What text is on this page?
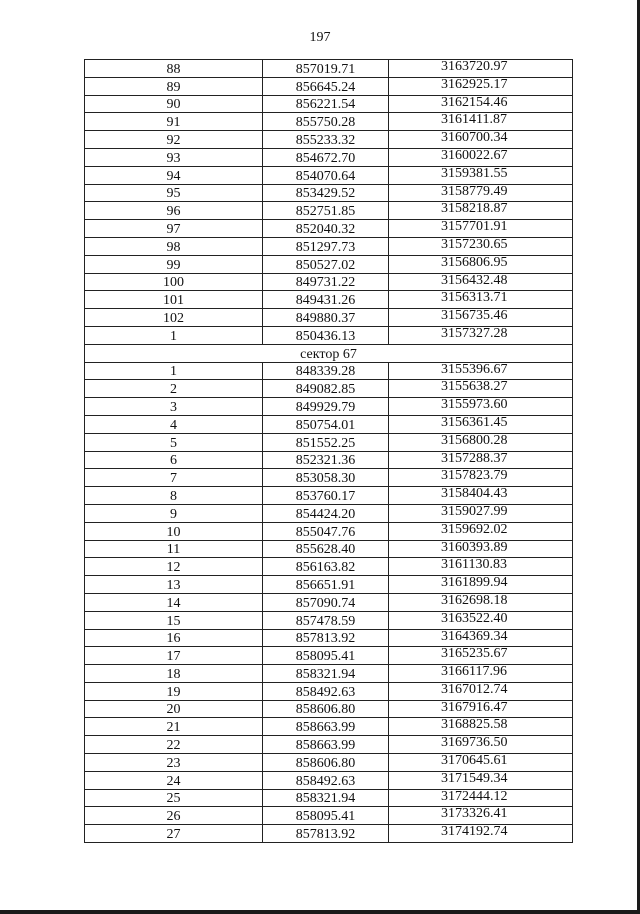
197
88	857019.71	3163720.97
89	856645.24	3162925.17
90	856221.54	3162154.46
91	855750.28	3161411.87
92	855233.32	3160700.34
93	854672.70	3160022.67
94	854070.64	3159381.55
95	853429.52	3158779.49
96	852751.85	3158218.87
97	852040.32	3157701.91
98	851297.73	3157230.65
99	850527.02	3156806.95
100	849731.22	3156432.48
101	849431.26	3156313.71
102	849880.37	3156735.46
1	850436.13	3157327.28
сектор 67		
1	848339.28	3155396.67
2	849082.85	3155638.27
3	849929.79	3155973.60
4	850754.01	3156361.45
5	851552.25	3156800.28
6	852321.36	3157288.37
7	853058.30	3157823.79
8	853760.17	3158404.43
9	854424.20	3159027.99
10	855047.76	3159692.02
11	855628.40	3160393.89
12	856163.82	3161130.83
13	856651.91	3161899.94
14	857090.74	3162698.18
15	857478.59	3163522.40
16	857813.92	3164369.34
17	858095.41	3165235.67
18	858321.94	3166117.96
19	858492.63	3167012.74
20	858606.80	3167916.47
21	858663.99	3168825.58
22	858663.99	3169736.50
23	858606.80	3170645.61
24	858492.63	3171549.34
25	858321.94	3172444.12
26	858095.41	3173326.41
27	857813.92	3174192.74
